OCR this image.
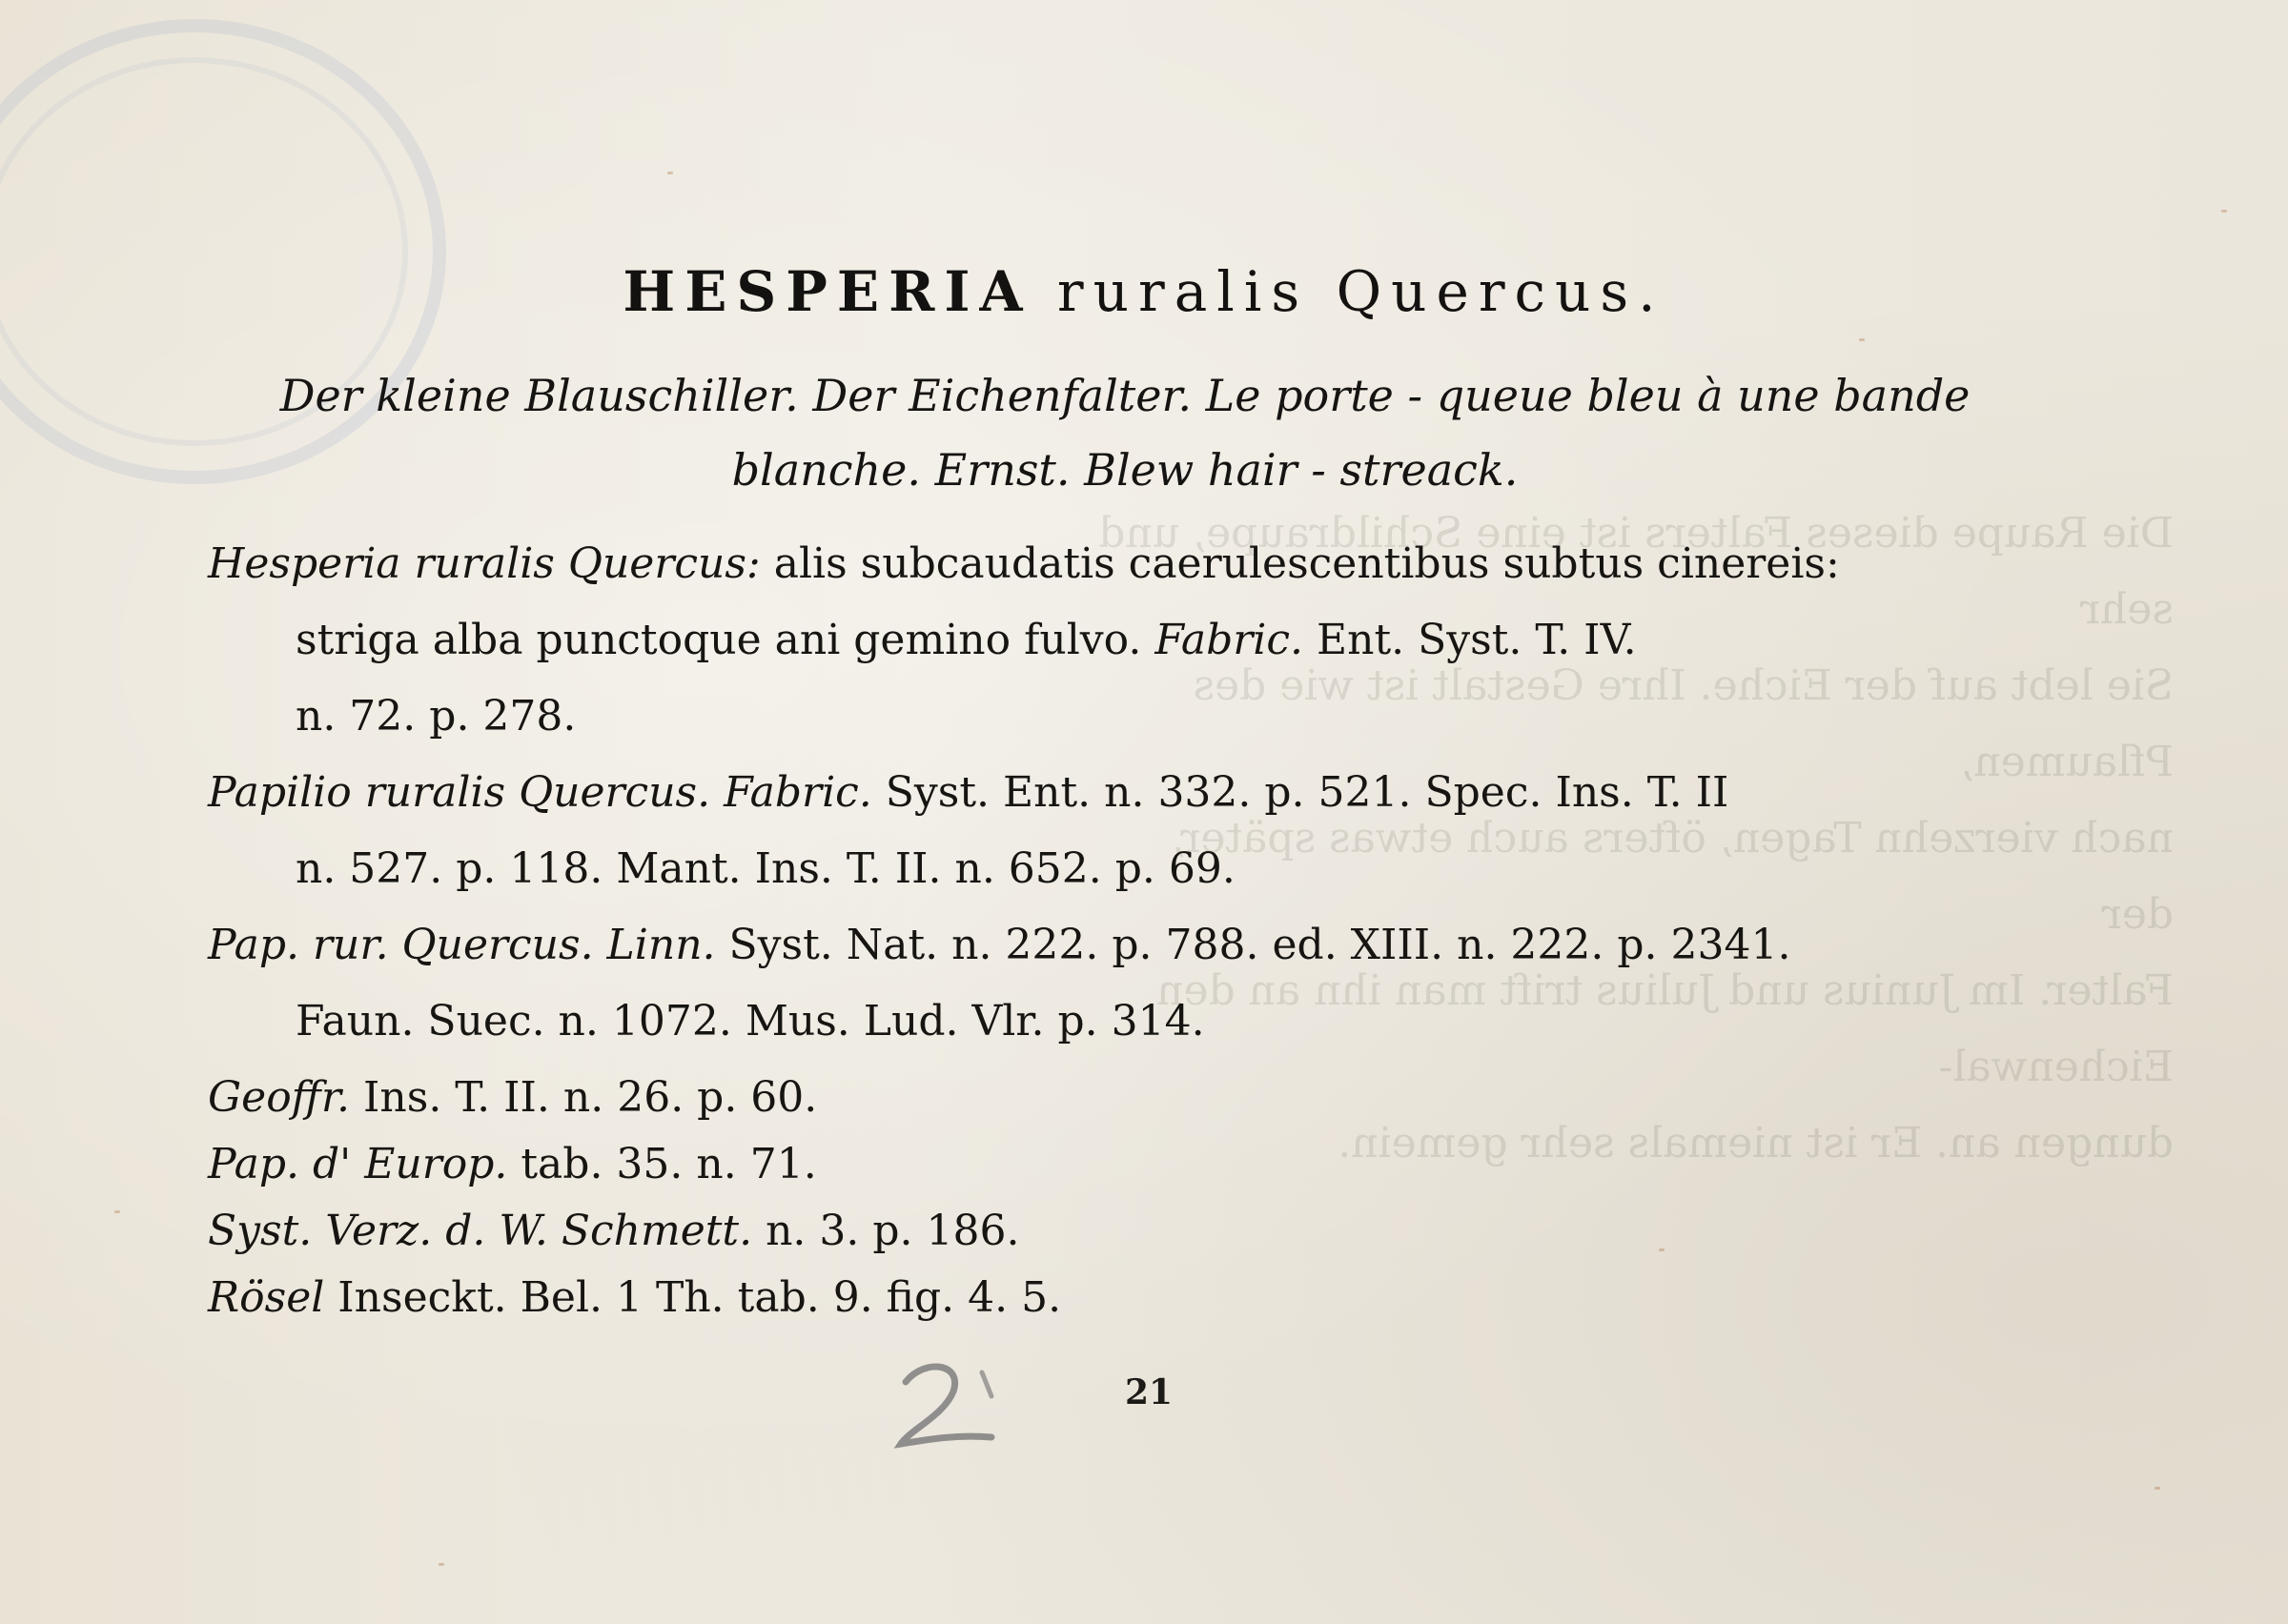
Die Raupe dieses Falters ist eine Schildraupe, und sehr
Sie lebt auf der Eiche. Ihre Gestalt ist wie des Pflaumen,
nach vierzehn Tagen, öfters auch etwas später, der
Falter. Im Junius und Julius trift man ihn an den Eichenwal-
dungen an. Er ist niemals sehr gemein.
HESPERIA ruralis Quercus.
Der kleine Blauschiller. Der Eichenfalter. Le porte - queue bleu à une bande
blanche. Ernst. Blew hair - streack.
Hesperia ruralis Quercus: alis subcaudatis caerulescentibus subtus cinereis:
striga alba punctoque ani gemino fulvo. Fabric. Ent. Syst. T. IV.
n. 72. p. 278.
Papilio ruralis Quercus. Fabric. Syst. Ent. n. 332. p. 521. Spec. Ins. T. II
n. 527. p. 118. Mant. Ins. T. II. n. 652. p. 69.
Pap. rur. Quercus. Linn. Syst. Nat. n. 222. p. 788. ed. XIII. n. 222. p. 2341.
Faun. Suec. n. 1072. Mus. Lud. Vlr. p. 314.
Geoffr. Ins. T. II. n. 26. p. 60.
Pap. d' Europ. tab. 35. n. 71.
Syst. Verz. d. W. Schmett. n. 3. p. 186.
Rösel Inseckt. Bel. 1 Th. tab. 9. fig. 4. 5.
2
21
